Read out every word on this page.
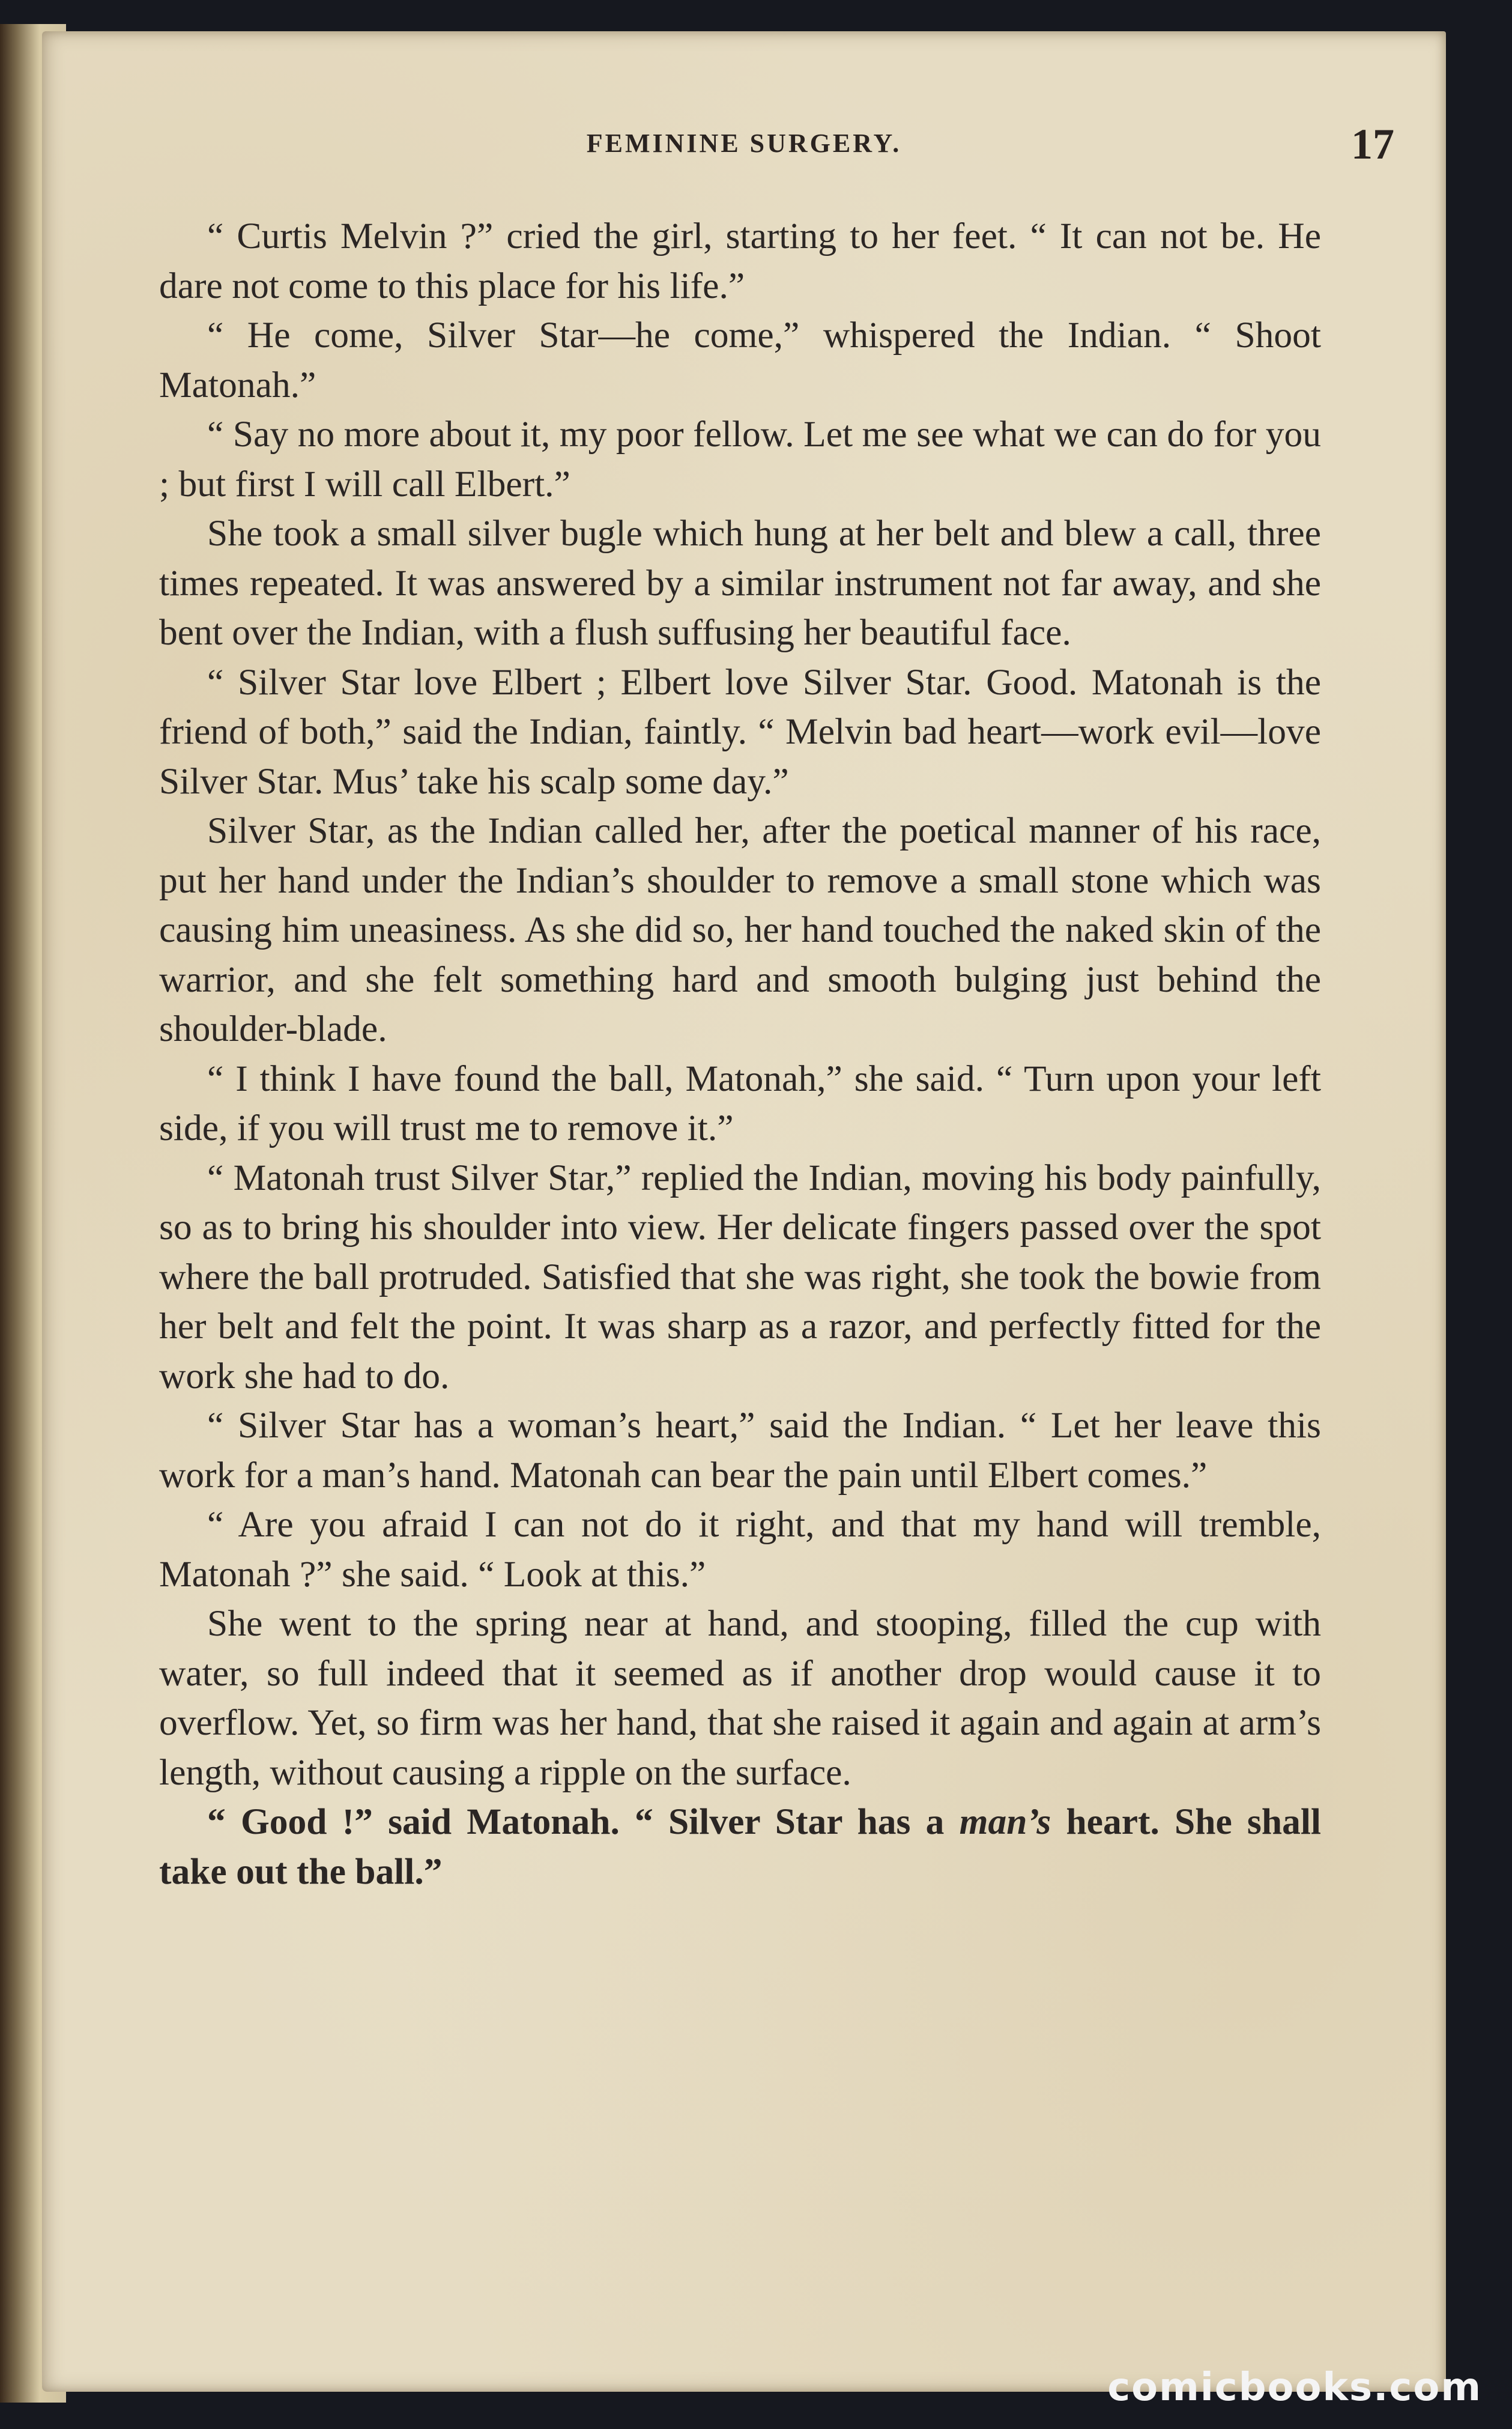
FEMININE SURGERY.	17

“ Curtis Melvin ?” cried the girl, starting to her feet. “ It can not be. He dare not come to this place for his life.”

“ He come, Silver Star—he come,” whispered the Indian. “ Shoot Matonah.”

“ Say no more about it, my poor fellow. Let me see what we can do for you ; but first I will call Elbert.”

She took a small silver bugle which hung at her belt and blew a call, three times repeated. It was answered by a similar instrument not far away, and she bent over the Indian, with a flush suffusing her beautiful face.

“ Silver Star love Elbert ; Elbert love Silver Star. Good. Matonah is the friend of both,” said the Indian, faintly. “ Melvin bad heart—work evil—love Silver Star. Mus’ take his scalp some day.”

Silver Star, as the Indian called her, after the poetical manner of his race, put her hand under the Indian’s shoulder to remove a small stone which was causing him uneasiness. As she did so, her hand touched the naked skin of the warrior, and she felt something hard and smooth bulging just behind the shoulder-blade.

“ I think I have found the ball, Matonah,” she said. “ Turn upon your left side, if you will trust me to remove it.”

“ Matonah trust Silver Star,” replied the Indian, moving his body painfully, so as to bring his shoulder into view. Her delicate fingers passed over the spot where the ball protruded. Satisfied that she was right, she took the bowie from her belt and felt the point. It was sharp as a razor, and perfectly fitted for the work she had to do.

“ Silver Star has a woman’s heart,” said the Indian. “ Let her leave this work for a man’s hand. Matonah can bear the pain until Elbert comes.”

“ Are you afraid I can not do it right, and that my hand will tremble, Matonah ?” she said. “ Look at this.”

She went to the spring near at hand, and stooping, filled the cup with water, so full indeed that it seemed as if another drop would cause it to overflow. Yet, so firm was her hand, that she raised it again and again at arm’s length, without causing a ripple on the surface.

“ Good !” said Matonah. “ Silver Star has a man’s heart. She shall take out the ball.”

comicbooks.com
